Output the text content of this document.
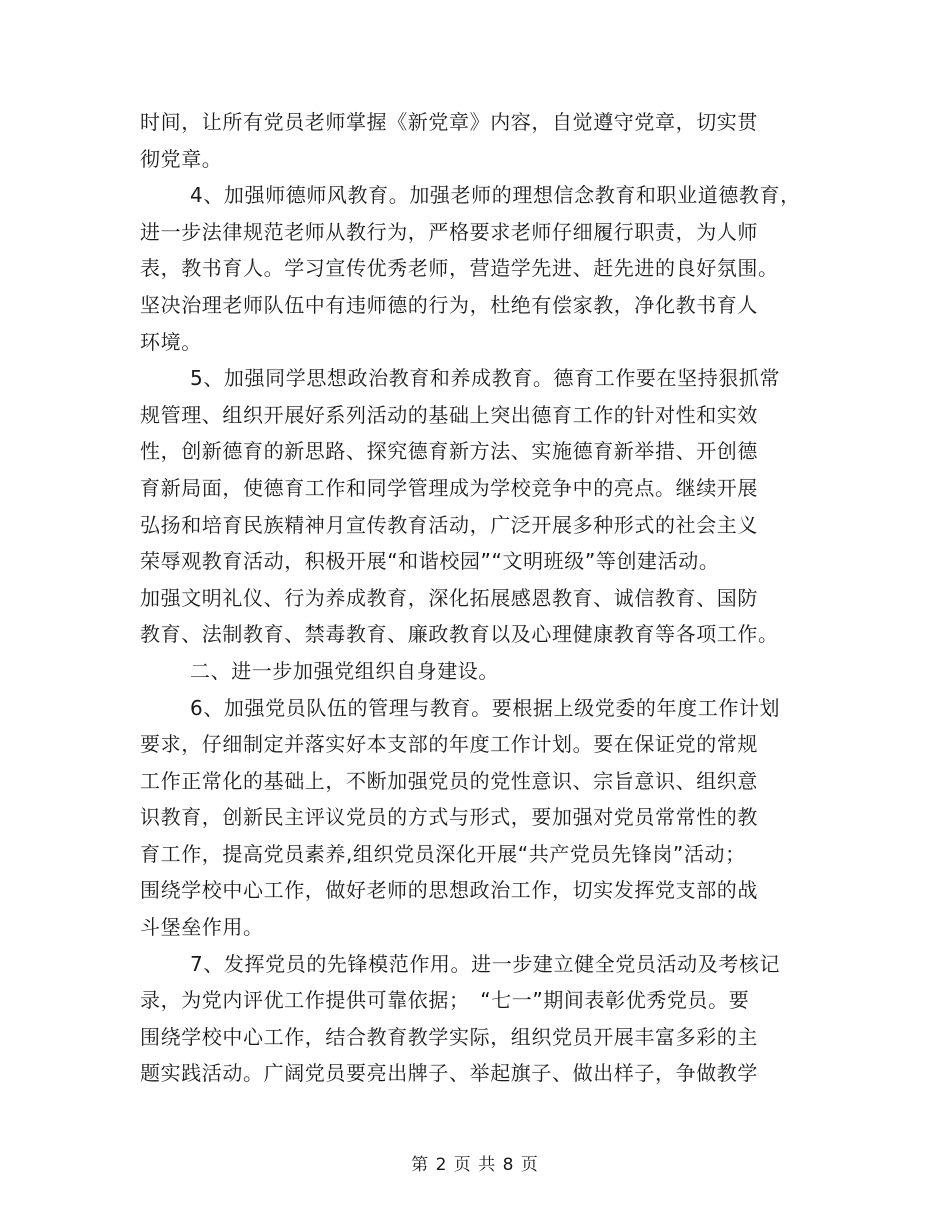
时间，让所有党员老师掌握《新党章》内容，自觉遵守党章，切实贯
彻党章。
4、加强师德师风教育。加强老师的理想信念教育和职业道德教育，
进一步法律规范老师从教行为，严格要求老师仔细履行职责，为人师
表，教书育人。学习宣传优秀老师，营造学先进、赶先进的良好氛围。
坚决治理老师队伍中有违师德的行为，杜绝有偿家教，净化教书育人
环境。
5、加强同学思想政治教育和养成教育。德育工作要在坚持狠抓常
规管理、组织开展好系列活动的基础上突出德育工作的针对性和实效
性，创新德育的新思路、探究德育新方法、实施德育新举措、开创德
育新局面，使德育工作和同学管理成为学校竞争中的亮点。继续开展
弘扬和培育民族精神月宣传教育活动，广泛开展多种形式的社会主义
荣辱观教育活动，积极开展“和谐校园”“文明班级”等创建活动。
加强文明礼仪、行为养成教育，深化拓展感恩教育、诚信教育、国防
教育、法制教育、禁毒教育、廉政教育以及心理健康教育等各项工作。
二、进一步加强党组织自身建设。
6、加强党员队伍的管理与教育。要根据上级党委的年度工作计划
要求，仔细制定并落实好本支部的年度工作计划。要在保证党的常规
工作正常化的基础上，不断加强党员的党性意识、宗旨意识、组织意
识教育，创新民主评议党员的方式与形式，要加强对党员常常性的教
育工作，提高党员素养,组织党员深化开展“共产党员先锋岗”活动；
围绕学校中心工作，做好老师的思想政治工作，切实发挥党支部的战
斗堡垒作用。
7、发挥党员的先锋模范作用。进一步建立健全党员活动及考核记
录，为党内评优工作提供可靠依据；　“七一”期间表彰优秀党员。要
围绕学校中心工作，结合教育教学实际，组织党员开展丰富多彩的主
题实践活动。广阔党员要亮出牌子、举起旗子、做出样子，争做教学
第 2 页 共 8 页
